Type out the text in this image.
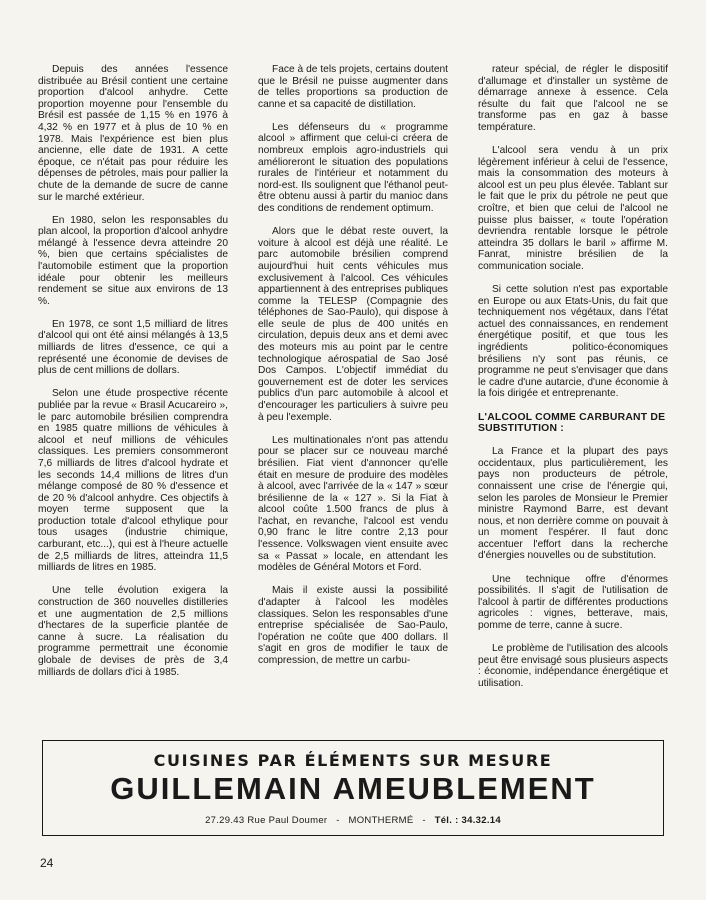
Depuis des années l'essence distribuée au Brésil contient une certaine proportion d'alcool anhydre. Cette proportion moyenne pour l'ensemble du Brésil est passée de 1,15 % en 1976 à 4,32 % en 1977 et à plus de 10 % en 1978. Mais l'expérience est bien plus ancienne, elle date de 1931. A cette époque, ce n'était pas pour réduire les dépenses de pétroles, mais pour pallier la chute de la demande de sucre de canne sur le marché extérieur.

En 1980, selon les responsables du plan alcool, la proportion d'alcool anhydre mélangé à l'essence devra atteindre 20 %, bien que certains spécialistes de l'automobile estiment que la proportion idéale pour obtenir les meilleurs rendement se situe aux environs de 13 %.

En 1978, ce sont 1,5 milliard de litres d'alcool qui ont été ainsi mélangés à 13,5 milliards de litres d'essence, ce qui a représenté une économie de devises de plus de cent millions de dollars.

Selon une étude prospective récente publiée par la revue « Brasil Acucareiro », le parc automobile brésilien comprendra en 1985 quatre millions de véhicules à alcool et neuf millions de véhicules classiques. Les premiers consommeront 7,6 milliards de litres d'alcool hydrate et les seconds 14,4 millions de litres d'un mélange composé de 80 % d'essence et de 20 % d'alcool anhydre. Ces objectifs à moyen terme supposent que la production totale d'alcool ethylique pour tous usages (industrie chimique, carburant, etc...), qui est à l'heure actuelle de 2,5 milliards de litres, atteindra 11,5 milliards de litres en 1985.

Une telle évolution exigera la construction de 360 nouvelles distilleries et une augmentation de 2,5 millions d'hectares de la superficie plantée de canne à sucre. La réalisation du programme permettrait une économie globale de devises de près de 3,4 milliards de dollars d'ici à 1985.

Face à de tels projets, certains doutent que le Brésil ne puisse augmenter dans de telles proportions sa production de canne et sa capacité de distillation.

Les défenseurs du « programme alcool » affirment que celui-ci créera de nombreux emplois agro-industriels qui amélioreront le situation des populations rurales de l'intérieur et notamment du nord-est. Ils soulignent que l'éthanol peut-être obtenu aussi à partir du manioc dans des conditions de rendement optimum.

Alors que le débat reste ouvert, la voiture à alcool est déjà une réalité. Le parc automobile brésilien comprend aujourd'hui huit cents véhicules mus exclusivement à l'alcool. Ces véhicules appartiennent à des entreprises publiques comme la TELESP (Compagnie des téléphones de Sao-Paulo), qui dispose à elle seule de plus de 400 unités en circulation, depuis deux ans et demi avec des moteurs mis au point par le centre technologique aérospatial de Sao José Dos Campos. L'objectif immédiat du gouvernement est de doter les services publics d'un parc automobile à alcool et d'encourager les particuliers à suivre peu à peu l'exemple.

Les multinationales n'ont pas attendu pour se placer sur ce nouveau marché brésilien. Fiat vient d'annoncer qu'elle était en mesure de produire des modèles à alcool, avec l'arrivée de la « 147 » sœur brésilienne de la « 127 ». Si la Fiat à alcool coûte 1.500 francs de plus à l'achat, en revanche, l'alcool est vendu 0,90 franc le litre contre 2,13 pour l'essence. Volkswagen vient ensuite avec sa « Passat » locale, en attendant les modèles de Général Motors et Ford.

Mais il existe aussi la possibilité d'adapter à l'alcool les modèles classiques. Selon les responsables d'une entreprise spécialisée de Sao-Paulo, l'opération ne coûte que 400 dollars. Il s'agit en gros de modifier le taux de compression, de mettre un carbu-

rateur spécial, de régler le dispositif d'allumage et d'installer un système de démarrage annexe à essence. Cela résulte du fait que l'alcool ne se transforme pas en gaz à basse température.

L'alcool sera vendu à un prix légèrement inférieur à celui de l'essence, mais la consommation des moteurs à alcool est un peu plus élevée. Tablant sur le fait que le prix du pétrole ne peut que croître, et bien que celui de l'alcool ne puisse plus baisser, « toute l'opération devriendra rentable lorsque le pétrole atteindra 35 dollars le baril » affirme M. Fanrat, ministre brésilien de la communication sociale.

Si cette solution n'est pas exportable en Europe ou aux Etats-Unis, du fait que techniquement nos végétaux, dans l'état actuel des connaissances, en rendement énergétique positif, et que tous les ingrédients politico-économiques brésiliens n'y sont pas réunis, ce programme ne peut s'envisager que dans le cadre d'une autarcie, d'une économie à la fois dirigée et entreprenante.

L'ALCOOL COMME CARBURANT DE SUBSTITUTION :

La France et la plupart des pays occidentaux, plus particulièrement, les pays non producteurs de pétrole, connaissent une crise de l'énergie qui, selon les paroles de Monsieur le Premier ministre Raymond Barre, est devant nous, et non derrière comme on pouvait à un moment l'espérer. Il faut donc accentuer l'effort dans la recherche d'énergies nouvelles ou de substitution.

Une technique offre d'énormes possibilités. Il s'agit de l'utilisation de l'alcool à partir de différentes productions agricoles : vignes, betterave, mais, pomme de terre, canne à sucre.

Le problème de l'utilisation des alcools peut être envisagé sous plusieurs aspects : économie, indépendance énergétique et utilisation.

CUISINES PAR ÉLÉMENTS SUR MESURE
GUILLEMAIN AMEUBLEMENT
27.29.43 Rue Paul Doumer - MONTHERMÉ - Tél. : 34.32.14
24
